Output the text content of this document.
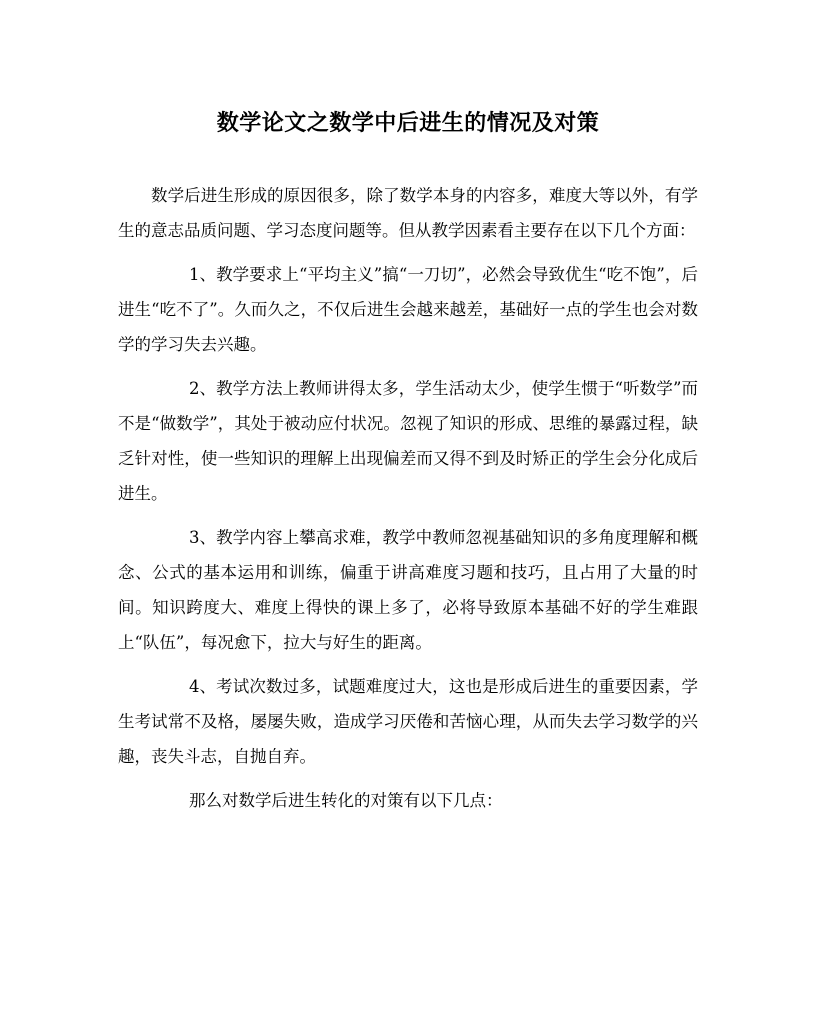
数学论文之数学中后进生的情况及对策

数学后进生形成的原因很多，除了数学本身的内容多，难度大等以外，有学生的意志品质问题、学习态度问题等。但从教学因素看主要存在以下几个方面：

1、教学要求上“平均主义”搞“一刀切”，必然会导致优生“吃不饱”，后进生“吃不了”。久而久之，不仅后进生会越来越差，基础好一点的学生也会对数学的学习失去兴趣。

2、教学方法上教师讲得太多，学生活动太少，使学生惯于“听数学”而不是“做数学”，其处于被动应付状况。忽视了知识的形成、思维的暴露过程，缺乏针对性，使一些知识的理解上出现偏差而又得不到及时矫正的学生会分化成后进生。

3、教学内容上攀高求难，教学中教师忽视基础知识的多角度理解和概念、公式的基本运用和训练，偏重于讲高难度习题和技巧，且占用了大量的时间。知识跨度大、难度上得快的课上多了，必将导致原本基础不好的学生难跟上“队伍”，每况愈下，拉大与好生的距离。

4、考试次数过多，试题难度过大，这也是形成后进生的重要因素，学生考试常不及格，屡屡失败，造成学习厌倦和苦恼心理，从而失去学习数学的兴趣，丧失斗志，自抛自弃。

那么对数学后进生转化的对策有以下几点：
